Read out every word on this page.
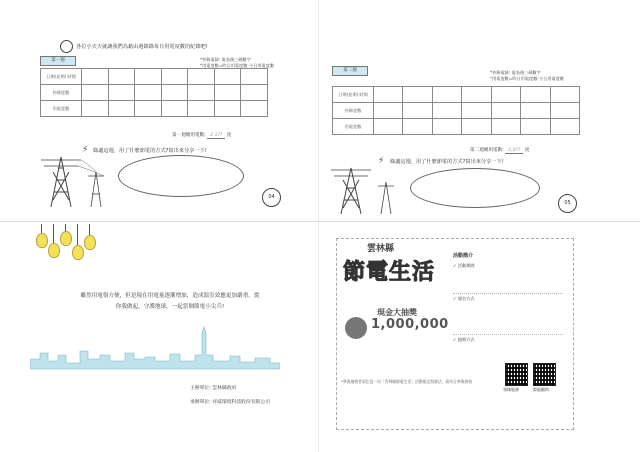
各位小夫天就讓我們為藉由週錄錄每日用電度數的紀錄吧!
第一週	*抄錄電錶: 電表後三碼數字
*用電度數=昨日用電度數-今日用電度數
日期(星期) 時間							
抄錄度數							
用電度數							
第一週總用電數: 2,1?? 度
⚡ 綠適這週，用了什麼節電的方式?寫出來分享一下!
04
第二週	*抄錄電錶: 電表後三碼數字
*用電度數=昨日用電度數-今日用電度數
日期(星期) 時間							
抄錄度數							
用電度數							
第二週總用電數: 2,0?? 度
⚡ 綠適這週，用了什麼節電的方式?寫出來分享一下!
05
雖然用電很方便，但是現在用電量逐漸增加，造成溫室效應更加嚴重，從
你我做起，守護地球，一起當個節電小尖兵!
主辦單位: 雲林縣政府
承辦單位: 祥威環境科技股份有限公司
雲林縣
節電生活
現金大抽獎
1,000,000
*參與抽獎者須注意一切「雲林縣節電生活」活動規定與辦法，需符合參與資格
活動簡介
✓ 活動期間
✓ 報名方式
✓ 抽獎方式
領域服務	節能顧問
